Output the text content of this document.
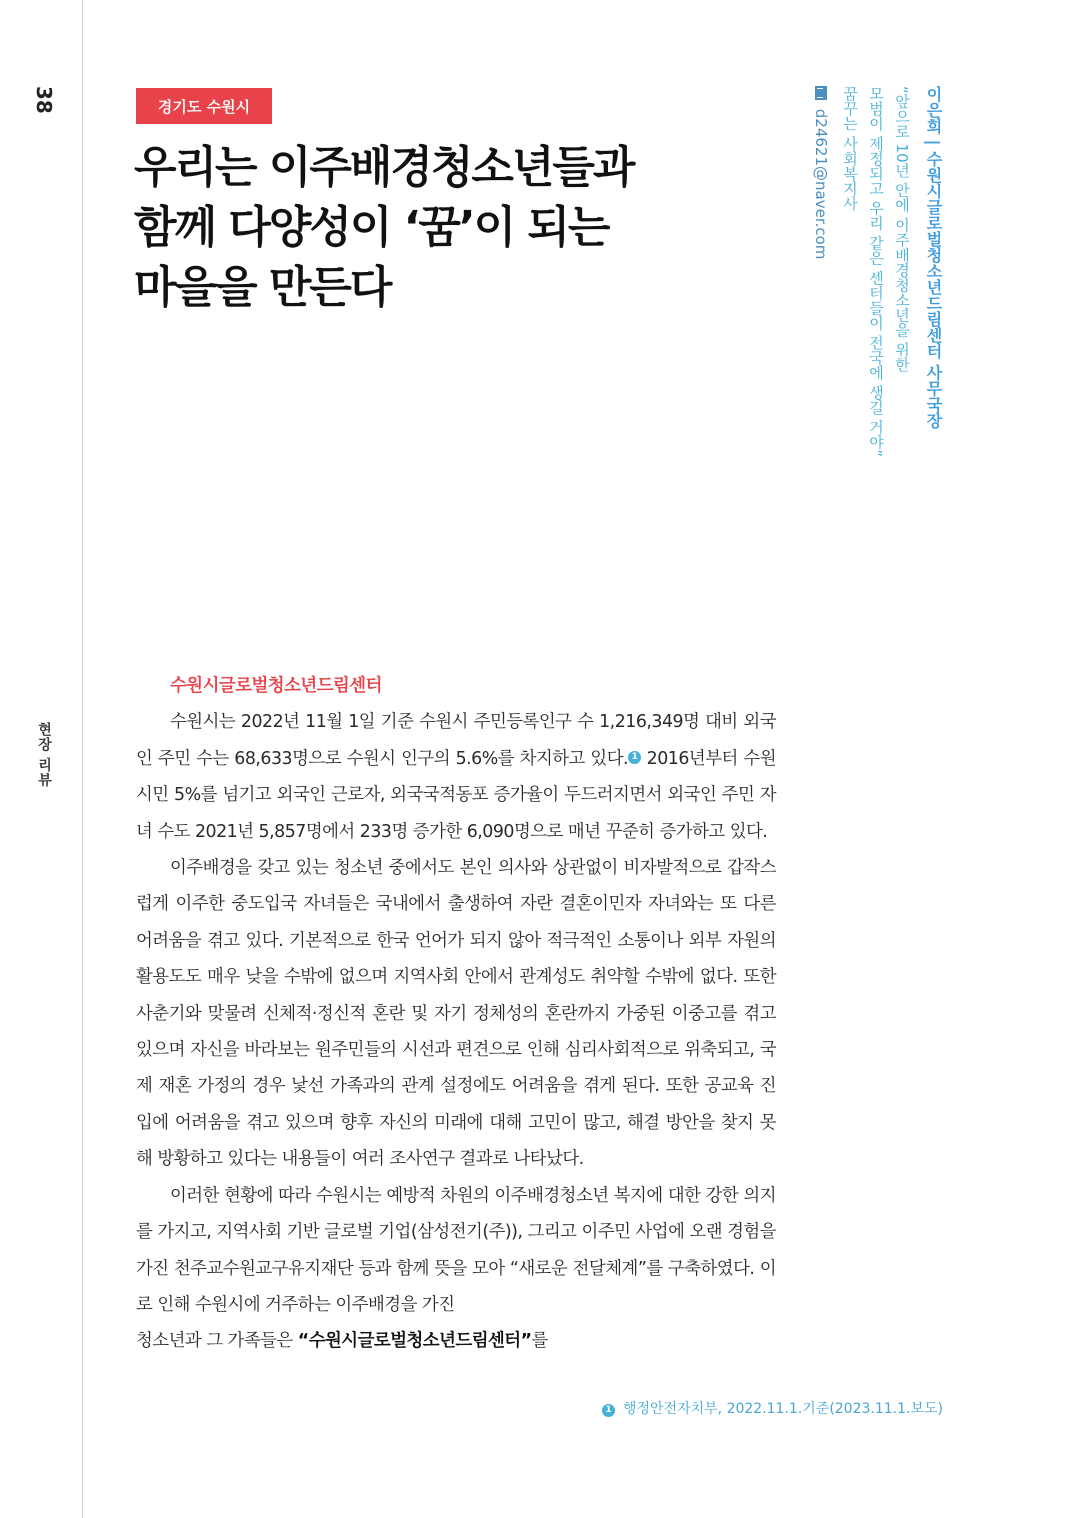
38
현장 리뷰
경기도 수원시
우리는 이주배경청소년들과
함께 다양성이 ‘꿈’이 되는
마을을 만든다	이은희 | 수원시글로벌청소년드림센터 사무국장
“앞으로 10년 안에 이주배경청소년을 위한
모범이 제정되고 우리 같은 센터들이 전국에 생길 거야”
꿈꾸는 사회복지사
d24621@naver.com
수원시글로벌청소년드림센터

수원시는 2022년 11월 1일 기준 수원시 주민등록인구 수 1,216,349명 대비 외국인 주민 수는 68,633명으로 수원시 인구의 5.6%를 차지하고 있다. 1 2016년부터 수원시민 5%를 넘기고 외국인 근로자, 외국국적동포 증가율이 두드러지면서 외국인 주민 자녀 수도 2021년 5,857명에서 233명 증가한 6,090명으로 매년 꾸준히 증가하고 있다.

이주배경을 갖고 있는 청소년 중에서도 본인 의사와 상관없이 비자발적으로 갑작스럽게 이주한 중도입국 자녀들은 국내에서 출생하여 자란 결혼이민자 자녀와는 또 다른 어려움을 겪고 있다. 기본적으로 한국 언어가 되지 않아 적극적인 소통이나 외부 자원의 활용도도 매우 낮을 수밖에 없으며 지역사회 안에서 관계성도 취약할 수밖에 없다. 또한 사춘기와 맞물려 신체적·정신적 혼란 및 자기 정체성의 혼란까지 가중된 이중고를 겪고 있으며 자신을 바라보는 원주민들의 시선과 편견으로 인해 심리사회적으로 위축되고, 국제 재혼 가정의 경우 낯선 가족과의 관계 설정에도 어려움을 겪게 된다. 또한 공교육 진입에 어려움을 겪고 있으며 향후 자신의 미래에 대해 고민이 많고, 해결 방안을 찾지 못해 방황하고 있다는 내용들이 여러 조사연구 결과로 나타났다.

이러한 현황에 따라 수원시는 예방적 차원의 이주배경청소년 복지에 대한 강한 의지를 가지고, 지역사회 기반 글로벌 기업(삼성전기(주)), 그리고 이주민 사업에 오랜 경험을 가진 천주교수원교구유지재단 등과 함께 뜻을 모아 “새로운 전달체계”를 구축하였다. 이로 인해 수원시에 거주하는 이주배경을 가진

청소년과 그 가족들은 “수원시글로벌청소년드림센터”를
1 행정안전자치부, 2022.11.1.기준(2023.11.1.보도)
